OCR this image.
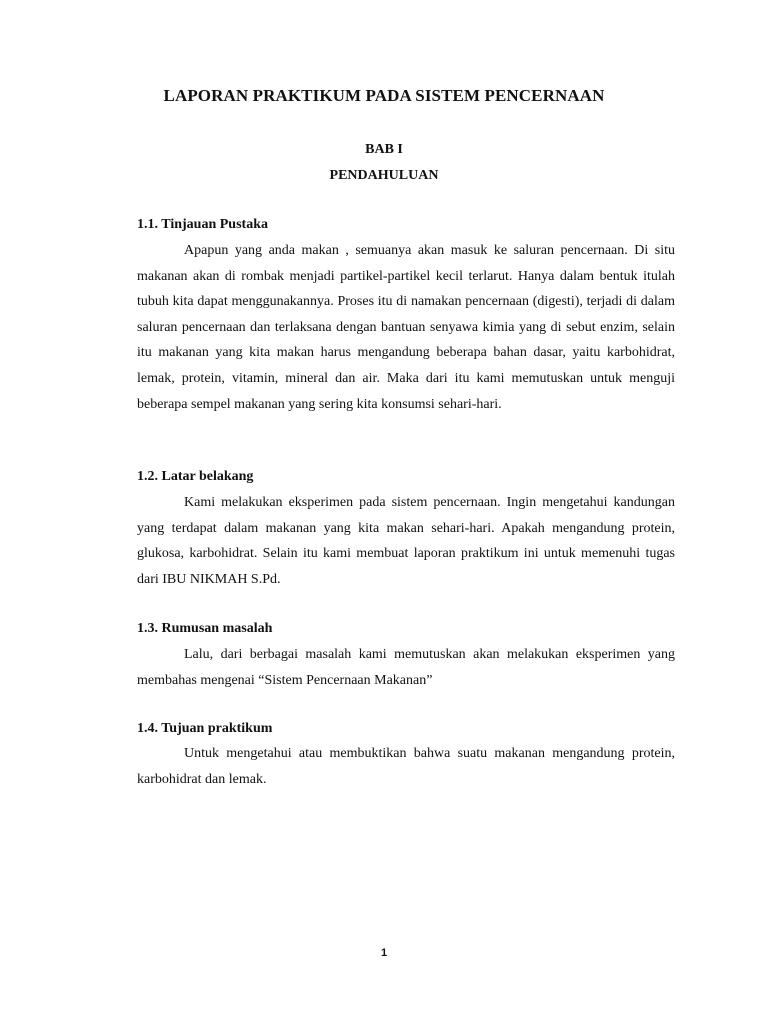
LAPORAN PRAKTIKUM PADA SISTEM PENCERNAAN
BAB I
PENDAHULUAN
1.1. Tinjauan Pustaka

Apapun yang anda makan , semuanya akan masuk ke saluran pencernaan. Di situ makanan akan di rombak menjadi partikel-partikel kecil terlarut. Hanya dalam bentuk itulah tubuh kita dapat menggunakannya. Proses itu di namakan pencernaan (digesti), terjadi di dalam saluran pencernaan dan terlaksana dengan bantuan senyawa kimia yang di sebut enzim, selain itu makanan yang kita makan harus mengandung beberapa bahan dasar, yaitu karbohidrat, lemak, protein, vitamin, mineral dan air. Maka dari itu kami memutuskan untuk menguji beberapa sempel makanan yang sering kita konsumsi sehari-hari.

1.2. Latar belakang

Kami melakukan eksperimen pada sistem pencernaan. Ingin mengetahui kandungan yang terdapat dalam makanan yang kita makan sehari-hari. Apakah mengandung protein, glukosa, karbohidrat. Selain itu kami membuat laporan praktikum ini untuk memenuhi tugas dari IBU NIKMAH S.Pd.

1.3. Rumusan masalah

Lalu, dari berbagai masalah kami memutuskan akan melakukan eksperimen yang membahas mengenai “Sistem Pencernaan Makanan”

1.4. Tujuan praktikum

Untuk mengetahui atau membuktikan bahwa suatu makanan mengandung protein, karbohidrat dan lemak.

1
